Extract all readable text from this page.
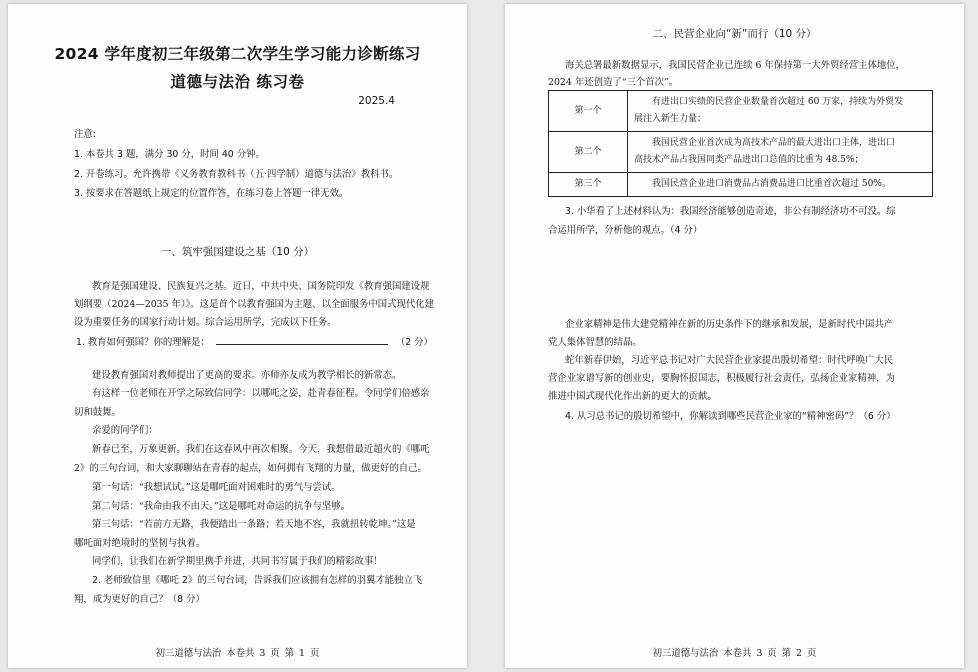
2024 学年度初三年级第二次学生学习能力诊断练习
道德与法治 练习卷
2025.4
注意:
1. 本卷共 3 题，满分 30 分，时间 40 分钟。
2. 开卷练习。允许携带《义务教育教科书（五·四学制）道德与法治》教科书。
3. 按要求在答题纸上规定的位置作答，在练习卷上答题一律无效。
一、筑牢强国建设之基（10 分）
教育是强国建设、民族复兴之基。近日，中共中央、国务院印发《教育强国建设规
划纲要（2024—2035 年）》。这是首个以教育强国为主题、以全面服务中国式现代化建
设为重要任务的国家行动计划。综合运用所学，完成以下任务。
1. 教育如何强国？你的理解是：	（2 分）
建设教育强国对教师提出了更高的要求。亦师亦友成为教学相长的新常态。
有这样一位老师在开学之际致信同学：以哪吒之姿，赴青春征程。令同学们倍感亲
切和鼓舞。
亲爱的同学们：
新春已至，万象更新。我们在这春风中再次相聚。今天，我想借最近超火的《哪吒
2》的三句台词，和大家聊聊站在青春的起点，如何拥有飞翔的力量，做更好的自己。
第一句话：“我想试试。”这是哪吒面对困难时的勇气与尝试。
第二句话：“我命由我不由天。”这是哪吒对命运的抗争与坚够。
第三句话：“若前方无路，我便踏出一条路；若天地不容，我就扭转乾坤。”这是
哪吒面对绝境时的坚韧与执着。
同学们，让我们在新学期里携手并进，共同书写属于我们的精彩故事！
2. 老师致信里《哪吒 2》的三句台词，告诉我们应该拥有怎样的羽翼才能独立飞
翔，成为更好的自己？（8 分）
初三道德与法治 本卷共 3 页 第 1 页
二、民营企业向“新”而行（10 分）
海关总署最新数据显示，我国民营企业已连续 6 年保持第一大外贸经营主体地位，
2024 年还创造了“三个首次”。
第一个	有进出口实绩的民营企业数量首次超过 60 万家，持续为外贸发
展注入新生力量；

第二个	我国民营企业首次成为高技术产品的最大进出口主体，进出口
高技术产品占我国同类产品进出口总值的比重为 48.5%；

第三个	我国民营企业进口消费品占消费品进口比重首次超过 50%。
3. 小华看了上述材料认为：我国经济能够创造奇迹，非公有制经济功不可没。综
合运用所学，分析他的观点。（4 分）
企业家精神是伟大建党精神在新的历史条件下的继承和发展，是新时代中国共产
党人集体智慧的结晶。
蛇年新春伊始，习近平总书记对广大民营企业家提出殷切希望：时代呼唤广大民
营企业家谱写新的创业史，要胸怀报国志，积极履行社会责任，弘扬企业家精神，为
推进中国式现代化作出新的更大的贡献。
4. 从习总书记的殷切希望中，你解读到哪些民营企业家的“精神密码”？（6 分）
初三道德与法治 本卷共 3 页 第 2 页
